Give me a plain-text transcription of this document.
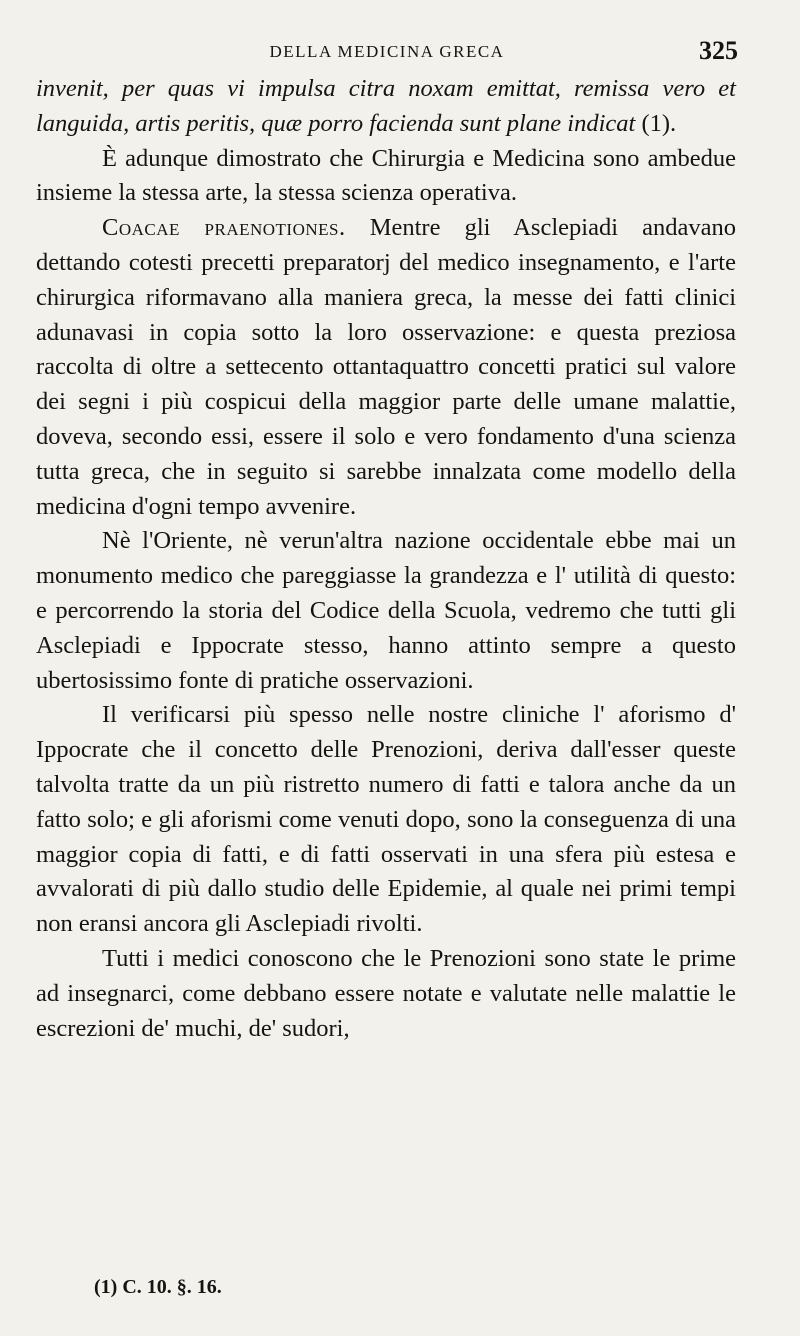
DELLA MEDICINA GRECA	325

invenit, per quas vi impulsa citra noxam emittat, remissa vero et languida, artis peritis, quæ porro facienda sunt plane indicat (1).

È adunque dimostrato che Chirurgia e Medicina sono ambedue insieme la stessa arte, la stessa scienza operativa.

Coacae praenotiones. Mentre gli Asclepiadi andavano dettando cotesti precetti preparatorj del medico insegnamento, e l'arte chirurgica riformavano alla maniera greca, la messe dei fatti clinici adunavasi in copia sotto la loro osservazione: e questa preziosa raccolta di oltre a settecento ottantaquattro concetti pratici sul valore dei segni i più cospicui della maggior parte delle umane malattie, doveva, secondo essi, essere il solo e vero fondamento d'una scienza tutta greca, che in seguito si sarebbe innalzata come modello della medicina d'ogni tempo avvenire.

Nè l'Oriente, nè verun'altra nazione occidentale ebbe mai un monumento medico che pareggiasse la grandezza e l' utilità di questo: e percorrendo la storia del Codice della Scuola, vedremo che tutti gli Asclepiadi e Ippocrate stesso, hanno attinto sempre a questo ubertosissimo fonte di pratiche osservazioni.

Il verificarsi più spesso nelle nostre cliniche l' aforismo d' Ippocrate che il concetto delle Prenozioni, deriva dall'esser queste talvolta tratte da un più ristretto numero di fatti e talora anche da un fatto solo; e gli aforismi come venuti dopo, sono la conseguenza di una maggior copia di fatti, e di fatti osservati in una sfera più estesa e avvalorati di più dallo studio delle Epidemie, al quale nei primi tempi non eransi ancora gli Asclepiadi rivolti.

Tutti i medici conoscono che le Prenozioni sono state le prime ad insegnarci, come debbano essere notate e valutate nelle malattie le escrezioni de' muchi, de' sudori,

(1) C. 10. §. 16.
